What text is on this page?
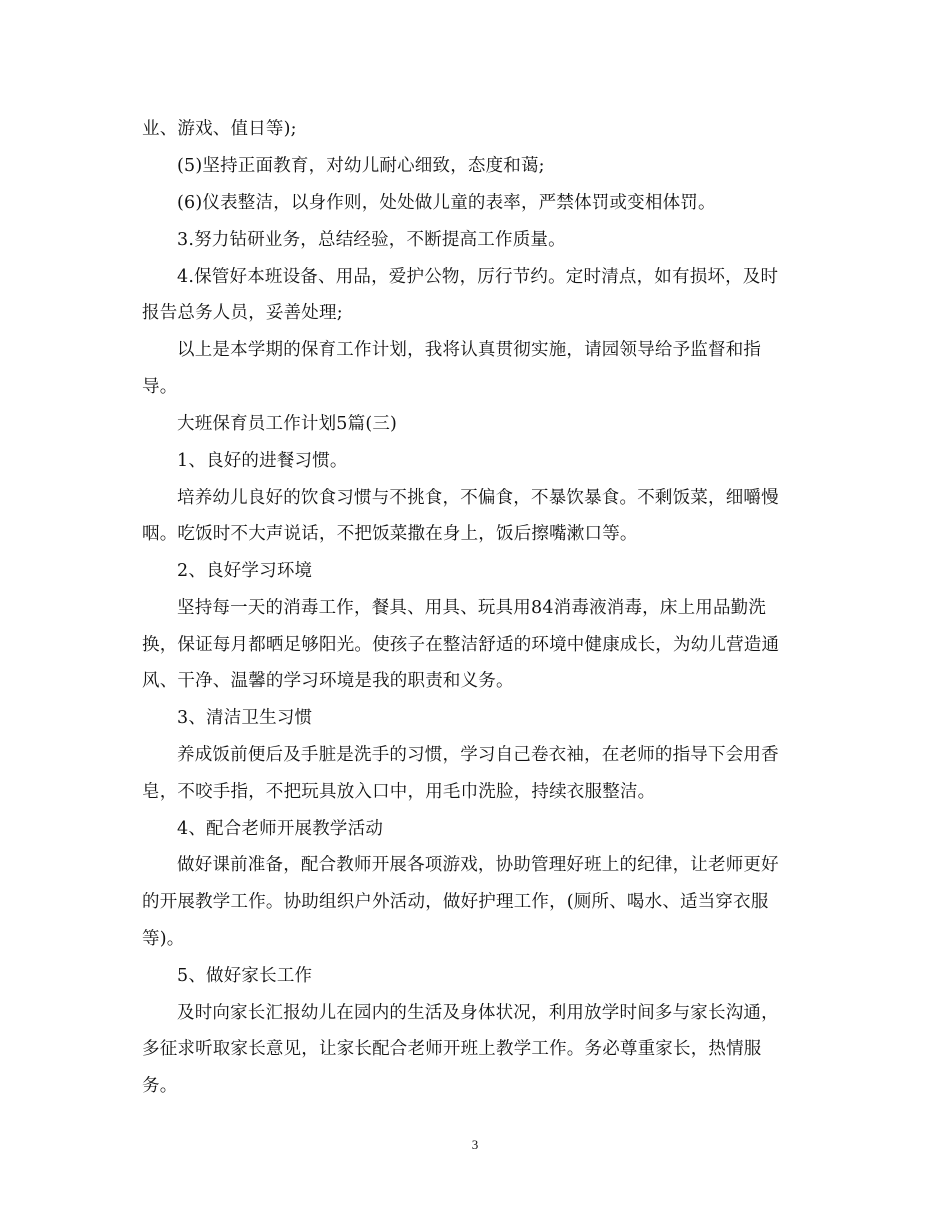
业、游戏、值日等);
(5)坚持正面教育，对幼儿耐心细致，态度和蔼;
(6)仪表整洁，以身作则，处处做儿童的表率，严禁体罚或变相体罚。
3.努力钻研业务，总结经验，不断提高工作质量。
4.保管好本班设备、用品，爱护公物，厉行节约。定时清点，如有损坏，及时
报告总务人员，妥善处理;
以上是本学期的保育工作计划，我将认真贯彻实施，请园领导给予监督和指
导。
大班保育员工作计划5篇(三)
1、良好的进餐习惯。
培养幼儿良好的饮食习惯与不挑食，不偏食，不暴饮暴食。不剩饭菜，细嚼慢
咽。吃饭时不大声说话，不把饭菜撒在身上，饭后擦嘴漱口等。
2、良好学习环境
坚持每一天的消毒工作，餐具、用具、玩具用84消毒液消毒，床上用品勤洗
换，保证每月都晒足够阳光。使孩子在整洁舒适的环境中健康成长，为幼儿营造通
风、干净、温馨的学习环境是我的职责和义务。
3、清洁卫生习惯
养成饭前便后及手脏是洗手的习惯，学习自己卷衣袖，在老师的指导下会用香
皂，不咬手指，不把玩具放入口中，用毛巾洗脸，持续衣服整洁。
4、配合老师开展教学活动
做好课前准备，配合教师开展各项游戏，协助管理好班上的纪律，让老师更好
的开展教学工作。协助组织户外活动，做好护理工作，(厕所、喝水、适当穿衣服
等)。
5、做好家长工作
及时向家长汇报幼儿在园内的生活及身体状况，利用放学时间多与家长沟通，
多征求听取家长意见，让家长配合老师开班上教学工作。务必尊重家长，热情服
务。
3
